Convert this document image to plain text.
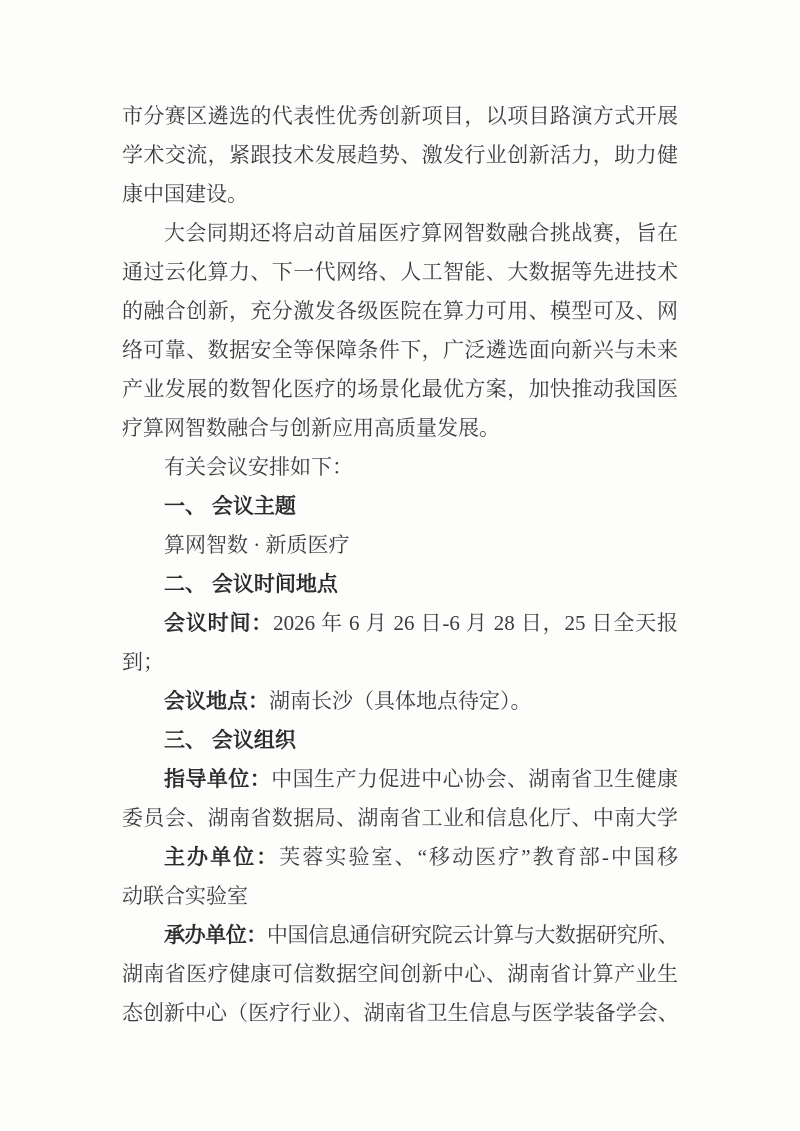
市分赛区遴选的代表性优秀创新项目，以项目路演方式开展
学术交流，紧跟技术发展趋势、激发行业创新活力，助力健
康中国建设。
大会同期还将启动首届医疗算网智数融合挑战赛，旨在
通过云化算力、下一代网络、人工智能、大数据等先进技术
的融合创新，充分激发各级医院在算力可用、模型可及、网
络可靠、数据安全等保障条件下，广泛遴选面向新兴与未来
产业发展的数智化医疗的场景化最优方案，加快推动我国医
疗算网智数融合与创新应用高质量发展。
有关会议安排如下：
一、 会议主题
算网智数 · 新质医疗
二、 会议时间地点
会议时间：2026 年 6 月 26 日-6 月 28 日，25 日全天报
到；
会议地点：湖南长沙（具体地点待定）。
三、 会议组织
指导单位：中国生产力促进中心协会、湖南省卫生健康
委员会、湖南省数据局、湖南省工业和信息化厅、中南大学
主办单位：芙蓉实验室、“移动医疗”教育部-中国移
动联合实验室
承办单位：中国信息通信研究院云计算与大数据研究所、
湖南省医疗健康可信数据空间创新中心、湖南省计算产业生
态创新中心（医疗行业）、湖南省卫生信息与医学装备学会、
